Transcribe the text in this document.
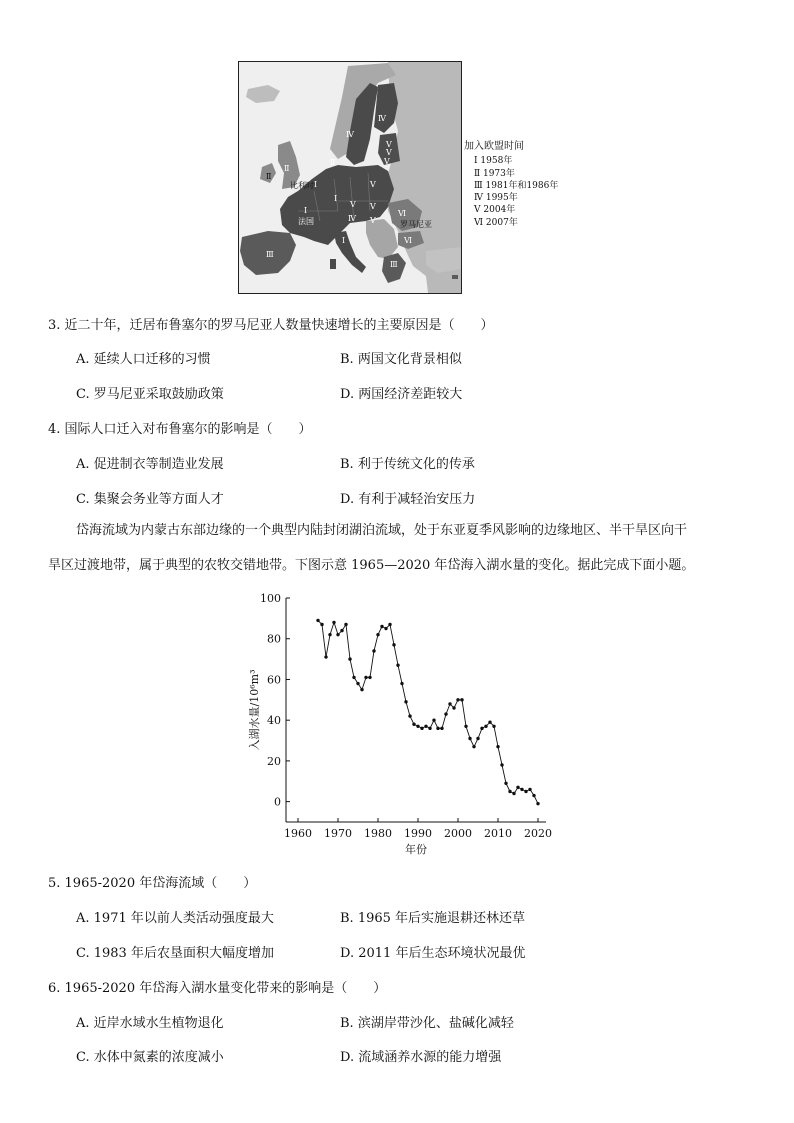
Ⅳ
Ⅳ
Ⅴ
Ⅴ
Ⅴ
Ⅱ
Ⅱ
Ⅱ
比利时 Ⅰ
Ⅰ
Ⅴ
Ⅰ
法国
Ⅴ Ⅴ
Ⅳ Ⅴ
Ⅵ
罗马尼亚
Ⅵ
Ⅰ
Ⅲ
Ⅲ
加入欧盟时间
Ⅰ 1958年
Ⅱ 1973年
Ⅲ 1981年和1986年
Ⅳ 1995年
Ⅴ 2004年
Ⅵ 2007年
3. 近二十年，迁居布鲁塞尔的罗马尼亚人数量快速增长的主要原因是（　　）
A. 延续人口迁移的习惯	B. 两国文化背景相似
C. 罗马尼亚采取鼓励政策	D. 两国经济差距较大
4. 国际人口迁入对布鲁塞尔的影响是（　　）
A. 促进制衣等制造业发展	B. 利于传统文化的传承
C. 集聚会务业等方面人才	D. 有利于减轻治安压力
岱海流域为内蒙古东部边缘的一个典型内陆封闭湖泊流域，处于东亚夏季风影响的边缘地区、半干旱区向干
旱区过渡地带，属于典型的农牧交错地带。下图示意 1965—2020 年岱海入湖水量的变化。据此完成下面小题。
0
20
40
60
80
100
1960 1970 1980 1990 2000 2010 2020
年份
入湖水量/10⁶m³
5. 1965-2020 年岱海流域（　　）
A. 1971 年以前人类活动强度最大	B. 1965 年后实施退耕还林还草
C. 1983 年后农垦面积大幅度增加	D. 2011 年后生态环境状况最优
6. 1965-2020 年岱海入湖水量变化带来的影响是（　　）
A. 近岸水域水生植物退化	B. 滨湖岸带沙化、盐碱化减轻
C. 水体中氮素的浓度减小	D. 流域涵养水源的能力增强
